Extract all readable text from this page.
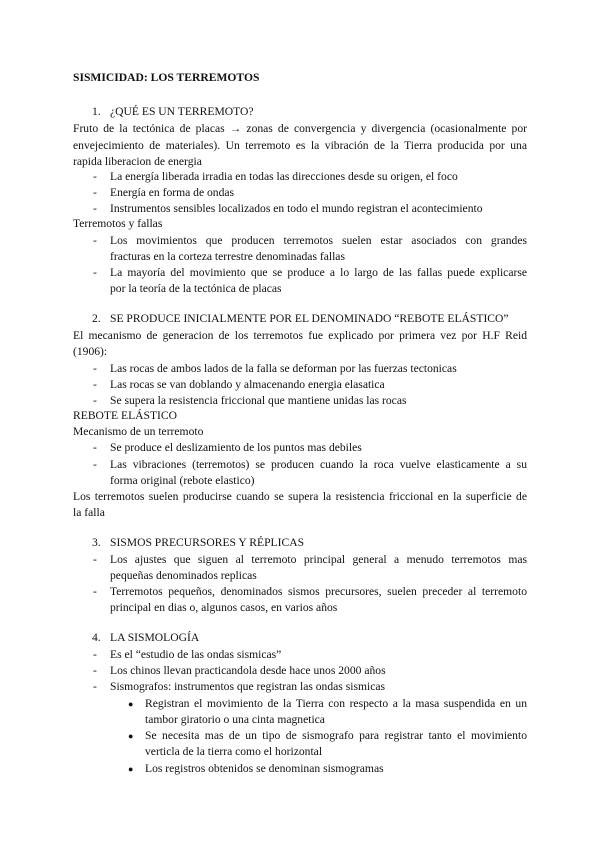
SISMICIDAD: LOS TERREMOTOS
1. ¿QUÉ ES UN TERREMOTO?
Fruto de la tectónica de placas → zonas de convergencia y divergencia (ocasionalmente por
envejecimiento de materiales). Un terremoto es la vibración de la Tierra producida por una
rapida liberacion de energia
- La energía liberada irradia en todas las direcciones desde su origen, el foco
- Energía en forma de ondas
- Instrumentos sensibles localizados en todo el mundo registran el acontecimiento
Terremotos y fallas
- Los movimientos que producen terremotos suelen estar asociados con grandes
fracturas en la corteza terrestre denominadas fallas
- La mayoría del movimiento que se produce a lo largo de las fallas puede explicarse
por la teoría de la tectónica de placas
2. SE PRODUCE INICIALMENTE POR EL DENOMINADO “REBOTE ELÁSTICO”
El mecanismo de generacion de los terremotos fue explicado por primera vez por H.F Reid
(1906):
- Las rocas de ambos lados de la falla se deforman por las fuerzas tectonicas
- Las rocas se van doblando y almacenando energia elasatica
- Se supera la resistencia friccional que mantiene unidas las rocas
REBOTE ELÁSTICO
Mecanismo de un terremoto
- Se produce el deslizamiento de los puntos mas debiles
- Las vibraciones (terremotos) se producen cuando la roca vuelve elasticamente a su
forma original (rebote elastico)
Los terremotos suelen producirse cuando se supera la resistencia friccional en la superficie de
la falla
3. SISMOS PRECURSORES Y RÉPLICAS
- Los ajustes que siguen al terremoto principal general a menudo terremotos mas
pequeñas denominados replicas
- Terremotos pequeños, denominados sismos precursores, suelen preceder al terremoto
principal en dias o, algunos casos, en varios años
4. LA SISMOLOGÍA
- Es el “estudio de las ondas sismicas”
- Los chinos llevan practicandola desde hace unos 2000 años
- Sismografos: instrumentos que registran las ondas sismicas
● Registran el movimiento de la Tierra con respecto a la masa suspendida en un
tambor giratorio o una cinta magnetica
● Se necesita mas de un tipo de sismografo para registrar tanto el movimiento
verticla de la tierra como el horizontal
● Los registros obtenidos se denominan sismogramas
